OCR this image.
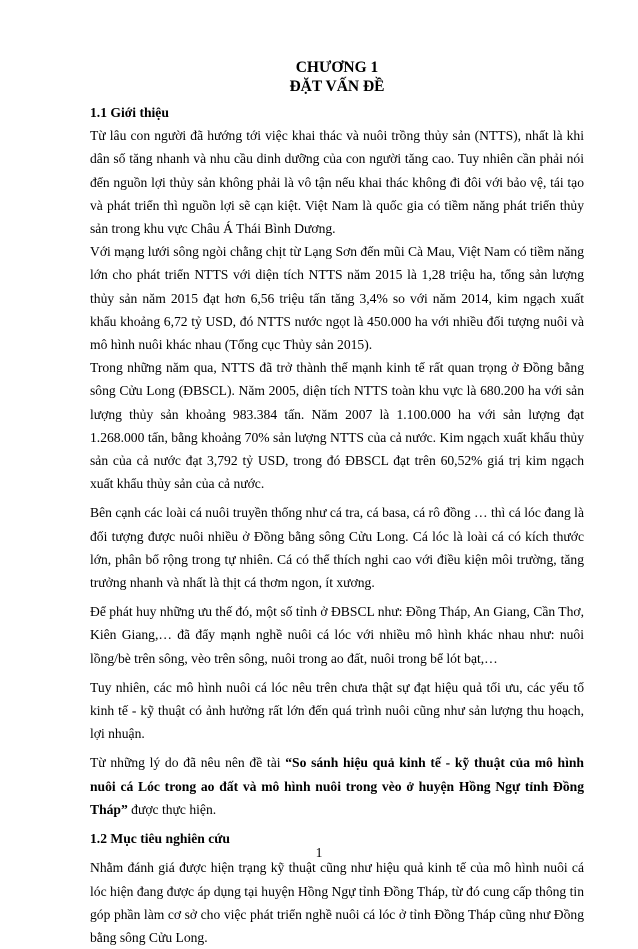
CHƯƠNG 1
ĐẶT VẤN ĐỀ
1.1 Giới thiệu

Từ lâu con người đã hướng tới việc khai thác và nuôi trồng thủy sản (NTTS), nhất là khi dân số tăng nhanh và nhu cầu dinh dưỡng của con người tăng cao. Tuy nhiên cần phải nói đến nguồn lợi thủy sản không phải là vô tận nếu khai thác không đi đôi với bảo vệ, tái tạo và phát triển thì nguồn lợi sẽ cạn kiệt. Việt Nam là quốc gia có tiềm năng phát triển thủy sản trong khu vực Châu Á Thái Bình Dương.

Với mạng lưới sông ngòi chằng chịt từ Lạng Sơn đến mũi Cà Mau, Việt Nam có tiềm năng lớn cho phát triển NTTS với diện tích NTTS năm 2015 là 1,28 triệu ha, tổng sản lượng thủy sản năm 2015 đạt hơn 6,56 triệu tấn tăng 3,4% so với năm 2014, kim ngạch xuất khẩu khoảng 6,72 tỷ USD, đó NTTS nước ngọt là 450.000 ha với nhiều đối tượng nuôi và mô hình nuôi khác nhau (Tổng cục Thủy sản 2015).

Trong những năm qua, NTTS đã trở thành thế mạnh kinh tế rất quan trọng ở Đồng bằng sông Cửu Long (ĐBSCL). Năm 2005, diện tích NTTS toàn khu vực là 680.200 ha với sản lượng thủy sản khoảng 983.384 tấn. Năm 2007 là 1.100.000 ha với sản lượng đạt 1.268.000 tấn, bằng khoảng 70% sản lượng NTTS của cả nước. Kim ngạch xuất khẩu thủy sản của cả nước đạt 3,792 tỷ USD, trong đó ĐBSCL đạt trên 60,52% giá trị kim ngạch xuất khẩu thủy sản của cả nước.

Bên cạnh các loài cá nuôi truyền thống như cá tra, cá basa, cá rô đồng … thì cá lóc đang là đối tượng được nuôi nhiều ở Đồng bằng sông Cửu Long. Cá lóc là loài cá có kích thước lớn, phân bố rộng trong tự nhiên. Cá có thể thích nghi cao với điều kiện môi trường, tăng trưởng nhanh và nhất là thịt cá thơm ngon, ít xương.

Để phát huy những ưu thế đó, một số tỉnh ở ĐBSCL như: Đồng Tháp, An Giang, Cần Thơ, Kiên Giang,… đã đẩy mạnh nghề nuôi cá lóc với nhiều mô hình khác nhau như: nuôi lồng/bè trên sông, vèo trên sông, nuôi trong ao đất, nuôi trong bể lót bạt,…

Tuy nhiên, các mô hình nuôi cá lóc nêu trên chưa thật sự đạt hiệu quả tối ưu, các yếu tố kinh tế - kỹ thuật có ảnh hưởng rất lớn đến quá trình nuôi cũng như sản lượng thu hoạch, lợi nhuận.

Từ những lý do đã nêu nên đề tài “So sánh hiệu quả kinh tế - kỹ thuật của mô hình nuôi cá Lóc trong ao đất và mô hình nuôi trong vèo ở huyện Hồng Ngự tỉnh Đồng Tháp” được thực hiện.

1.2 Mục tiêu nghiên cứu

Nhằm đánh giá được hiện trạng kỹ thuật cũng như hiệu quả kinh tế của mô hình nuôi cá lóc hiện đang được áp dụng tại huyện Hồng Ngự tỉnh Đồng Tháp, từ đó cung cấp thông tin góp phần làm cơ sở cho việc phát triển nghề nuôi cá lóc ở tỉnh Đồng Tháp cũng như Đồng bằng sông Cửu Long.

1
